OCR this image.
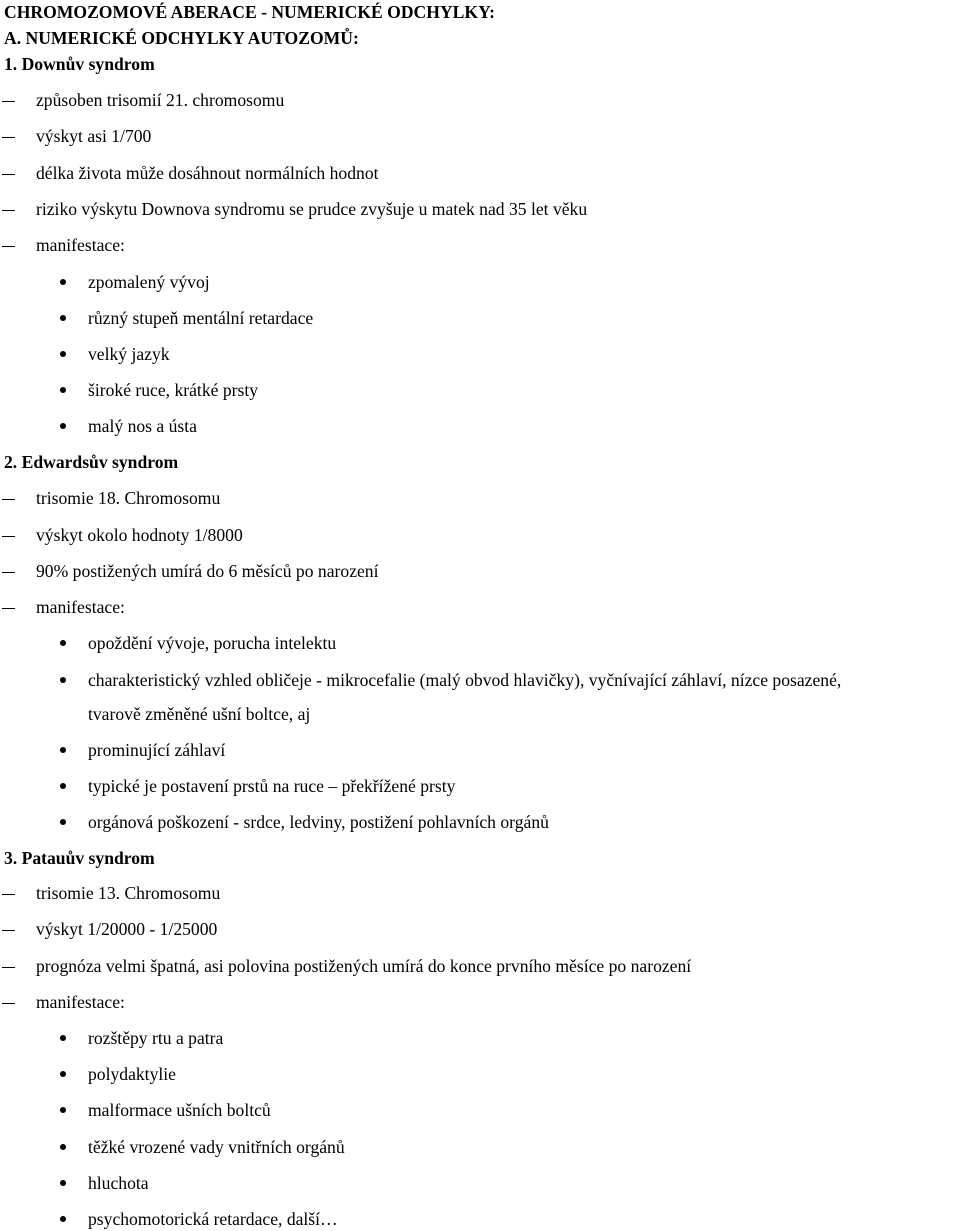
CHROMOZOMOVÉ ABERACE - NUMERICKÉ ODCHYLKY:
A. NUMERICKÉ ODCHYLKY AUTOZOMŮ:
1. Downův syndrom
způsoben trisomií 21. chromosomu
výskyt asi 1/700
délka života může dosáhnout normálních hodnot
riziko výskytu Downova syndromu se prudce zvyšuje u matek nad 35 let věku
manifestace:
zpomalený vývoj
různý stupeň mentální retardace
velký jazyk
široké ruce, krátké prsty
malý nos a ústa
2. Edwardsův syndrom
trisomie 18. Chromosomu
výskyt okolo hodnoty 1/8000
90% postižených umírá do 6 měsíců po narození
manifestace:
opoždění vývoje, porucha intelektu
charakteristický vzhled obličeje - mikrocefalie (malý obvod hlavičky), vyčnívající záhlaví, nízce posazené,
tvarově změněné ušní boltce, aj
prominující záhlaví
typické je postavení prstů na ruce – překřížené prsty
orgánová poškození - srdce, ledviny, postižení pohlavních orgánů
3. Patauův syndrom
trisomie 13. Chromosomu
výskyt 1/20000 - 1/25000
prognóza velmi špatná, asi polovina postižených umírá do konce prvního měsíce po narození
manifestace:
rozštěpy rtu a patra
polydaktylie
malformace ušních boltců
těžké vrozené vady vnitřních orgánů
hluchota
psychomotorická retardace, další…
